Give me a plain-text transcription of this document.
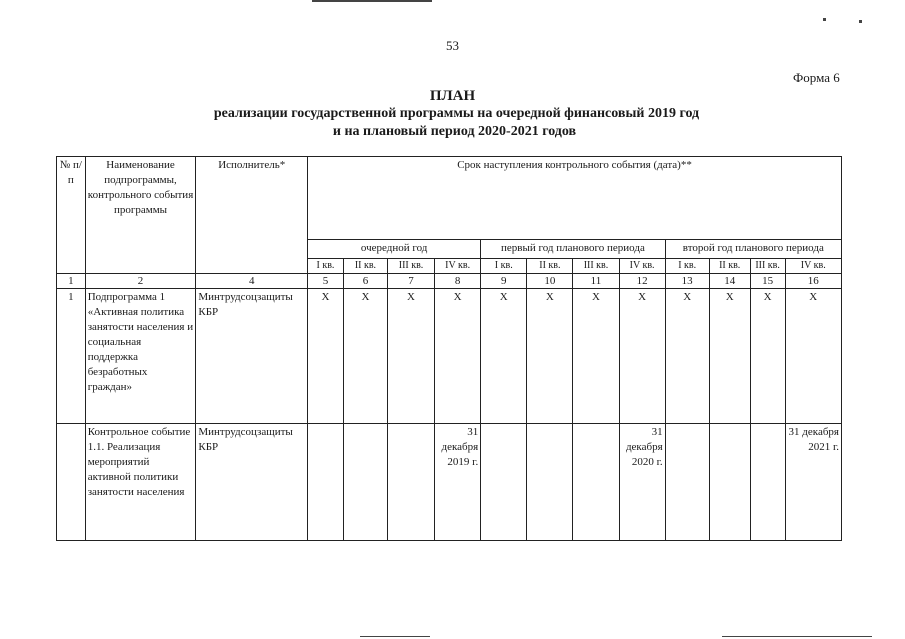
53
Форма 6
ПЛАН
реализации государственной программы на очередной финансовый 2019 год
и на плановый период 2020-2021 годов
№ п/п	Наименование подпрограммы, контрольного события программы	Исполнитель*	Срок наступления контрольного события (дата)**											
			очередной год				первый год планового периода				второй год планового периода			
			I кв.	II кв.	III кв.	IV кв.	I кв.	II кв.	III кв.	IV кв.	I кв.	II кв.	III кв.	IV кв.
1	2	4	5	6	7	8	9	10	11	12	13	14	15	16
1	Подпрограмма 1 «Активная политика занятости населения и социальная поддержка безработных граждан»	Минтрудсоцзащиты КБР	X	X	X	X	X	X	X	X	X	X	X	X
	Контрольное событие 1.1. Реализация мероприятий активной политики занятости населения	Минтрудсоцзащиты КБР				31 декабря 2019 г.				31 декабря 2020 г.				31 декабря 2021 г.
